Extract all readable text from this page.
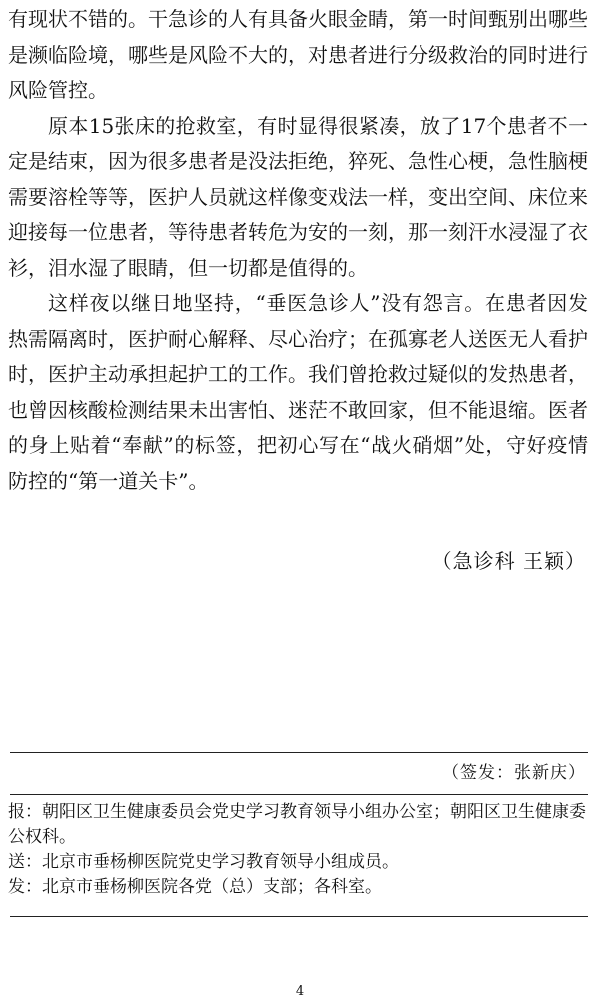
有现状不错的。干急诊的人有具备火眼金睛，第一时间甄别出哪些是濒临险境，哪些是风险不大的，对患者进行分级救治的同时进行风险管控。

原本15张床的抢救室，有时显得很紧凑，放了17个患者不一定是结束，因为很多患者是没法拒绝，猝死、急性心梗，急性脑梗需要溶栓等等，医护人员就这样像变戏法一样，变出空间、床位来迎接每一位患者，等待患者转危为安的一刻，那一刻汗水浸湿了衣衫，泪水湿了眼睛，但一切都是值得的。

这样夜以继日地坚持，“垂医急诊人”没有怨言。在患者因发热需隔离时，医护耐心解释、尽心治疗；在孤寡老人送医无人看护时，医护主动承担起护工的工作。我们曾抢救过疑似的发热患者，也曾因核酸检测结果未出害怕、迷茫不敢回家，但不能退缩。医者的身上贴着“奉献”的标签，把初心写在“战火硝烟”处，守好疫情防控的“第一道关卡”。

（急诊科 王颖）
（签发：张新庆）

报：朝阳区卫生健康委员会党史学习教育领导小组办公室；朝阳区卫生健康委公权科。

送：北京市垂杨柳医院党史学习教育领导小组成员。

发：北京市垂杨柳医院各党（总）支部；各科室。

4
